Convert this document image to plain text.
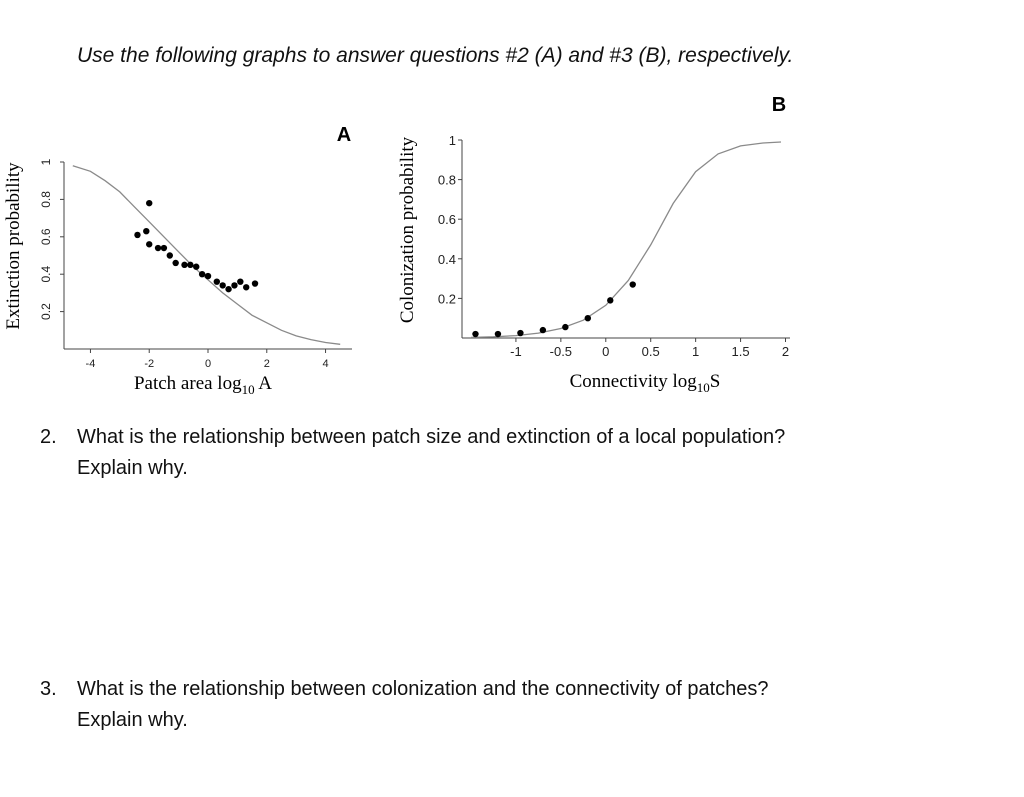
Use the following graphs to answer questions #2 (A) and #3 (B), respectively.
A
Extinction probability
Patch area $\log_{10} A$
B
Colonization probability
Connectivity $\log_{10}S$
-4	-2	0	2	4
0.2
0.4
0.6
0.8
1
-1 -0.5 0 0.5 1 1.5 2
0.2
0.4
0.6
0.8
1
2. What is the relationship between patch size and extinction of a local population?
Explain why.
3. What is the relationship between colonization and the connectivity of patches?
Explain why.
